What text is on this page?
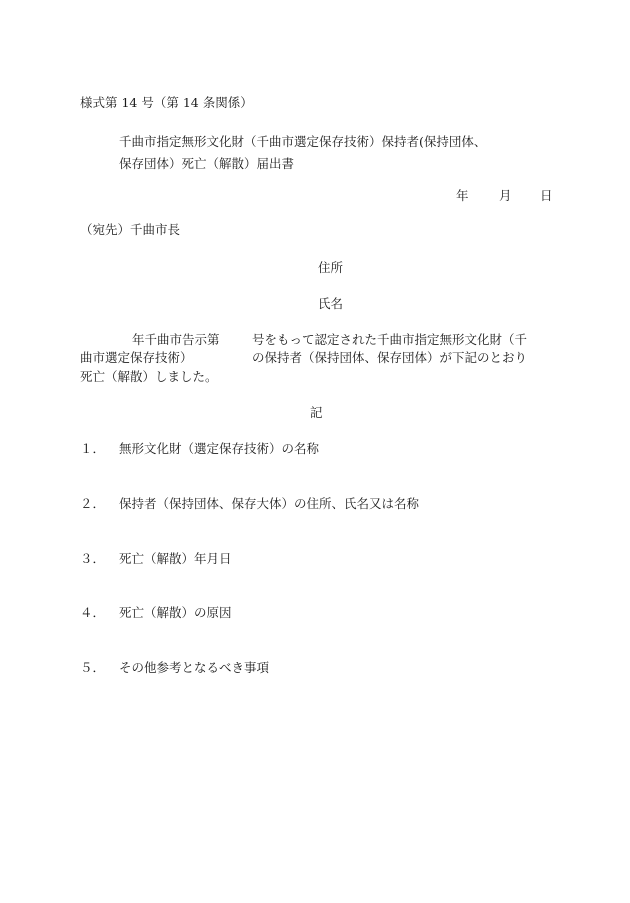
様式第 14 号（第 14 条関係）
千曲市指定無形文化財（千曲市選定保存技術）保持者(保持団体、
保存団体）死亡（解散）届出書
年 月 日
（宛先）千曲市長
住所
氏名
年千曲市告示第	号をもって認定された千曲市指定無形文化財（千
曲市選定保存技術）	の保持者（保持団体、保存団体）が下記のとおり
死亡（解散）しました。
記
１． 無形文化財（選定保存技術）の名称
２． 保持者（保持団体、保存大体）の住所、氏名又は名称
３． 死亡（解散）年月日
４． 死亡（解散）の原因
５． その他参考となるべき事項
